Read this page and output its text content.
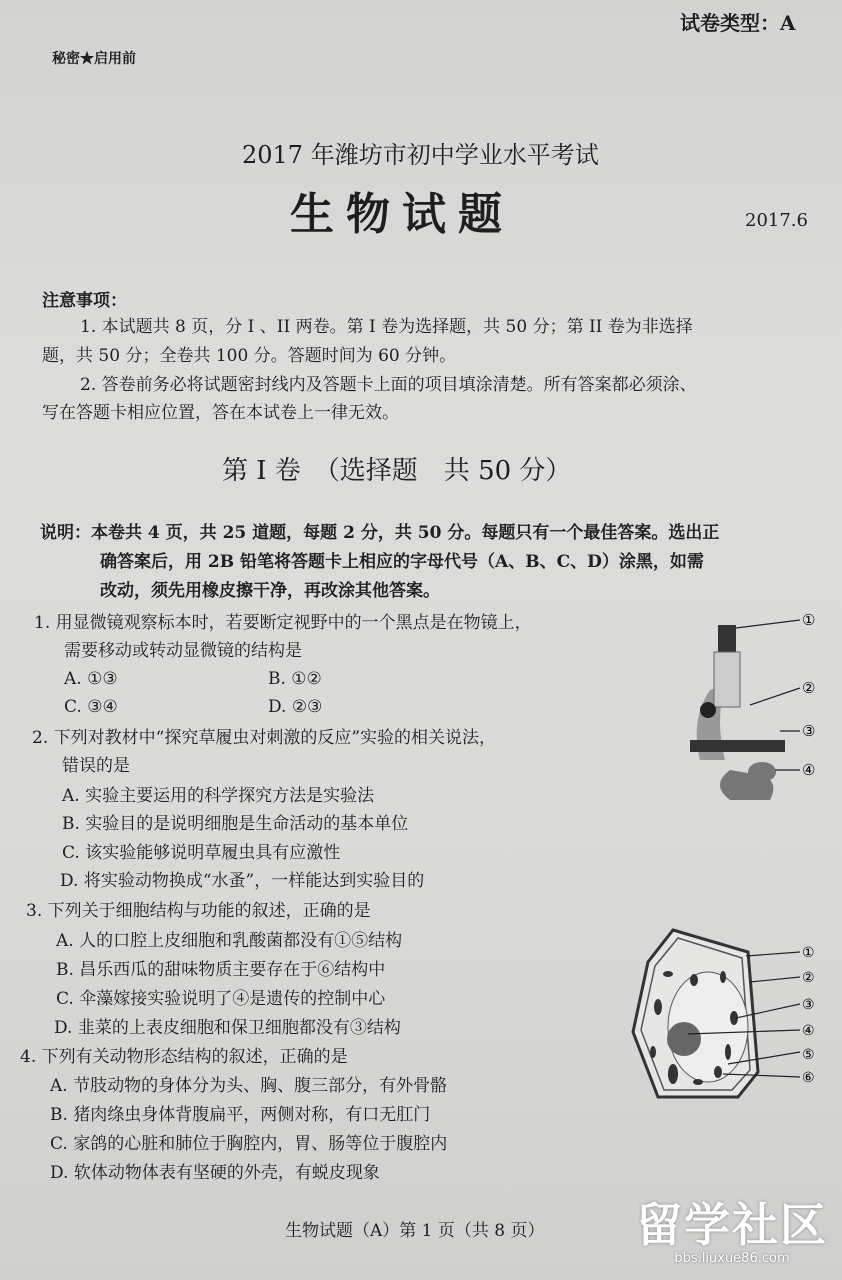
试卷类型：A
秘密★启用前
2017 年潍坊市初中学业水平考试
生物试题	2017.6
注意事项：
1. 本试题共 8 页，分 I 、II 两卷。第 I 卷为选择题，共 50 分；第 II 卷为非选择
题，共 50 分；全卷共 100 分。答题时间为 60 分钟。
2. 答卷前务必将试题密封线内及答题卡上面的项目填涂清楚。所有答案都必须涂、
写在答题卡相应位置，答在本试卷上一律无效。
第 I 卷　（选择题　共 50 分）
说明：本卷共 4 页，共 25 道题，每题 2 分，共 50 分。每题只有一个最佳答案。选出正
确答案后，用 2B 铅笔将答题卡上相应的字母代号（A、B、C、D）涂黑，如需
改动，须先用橡皮擦干净，再改涂其他答案。
1. 用显微镜观察标本时，若要断定视野中的一个黑点是在物镜上，
需要移动或转动显微镜的结构是
A. ①③	B. ①②
C. ③④	D. ②③
①
②
③
④
2. 下列对教材中“探究草履虫对刺激的反应”实验的相关说法，
错误的是
A. 实验主要运用的科学探究方法是实验法
B. 实验目的是说明细胞是生命活动的基本单位
C. 该实验能够说明草履虫具有应激性
D. 将实验动物换成“水蚤”，一样能达到实验目的
3. 下列关于细胞结构与功能的叙述，正确的是
A. 人的口腔上皮细胞和乳酸菌都没有①⑤结构
B. 昌乐西瓜的甜味物质主要存在于⑥结构中
C. 伞藻嫁接实验说明了④是遗传的控制中心
D. 韭菜的上表皮细胞和保卫细胞都没有③结构
①
②
③
④
⑤
⑥
4. 下列有关动物形态结构的叙述，正确的是
A. 节肢动物的身体分为头、胸、腹三部分，有外骨骼
B. 猪肉绦虫身体背腹扁平，两侧对称，有口无肛门
C. 家鸽的心脏和肺位于胸腔内，胃、肠等位于腹腔内
D. 软体动物体表有坚硬的外壳，有蜕皮现象
生物试题（A）第 1 页（共 8 页） 留学社区
bbs.liuxue86.com
